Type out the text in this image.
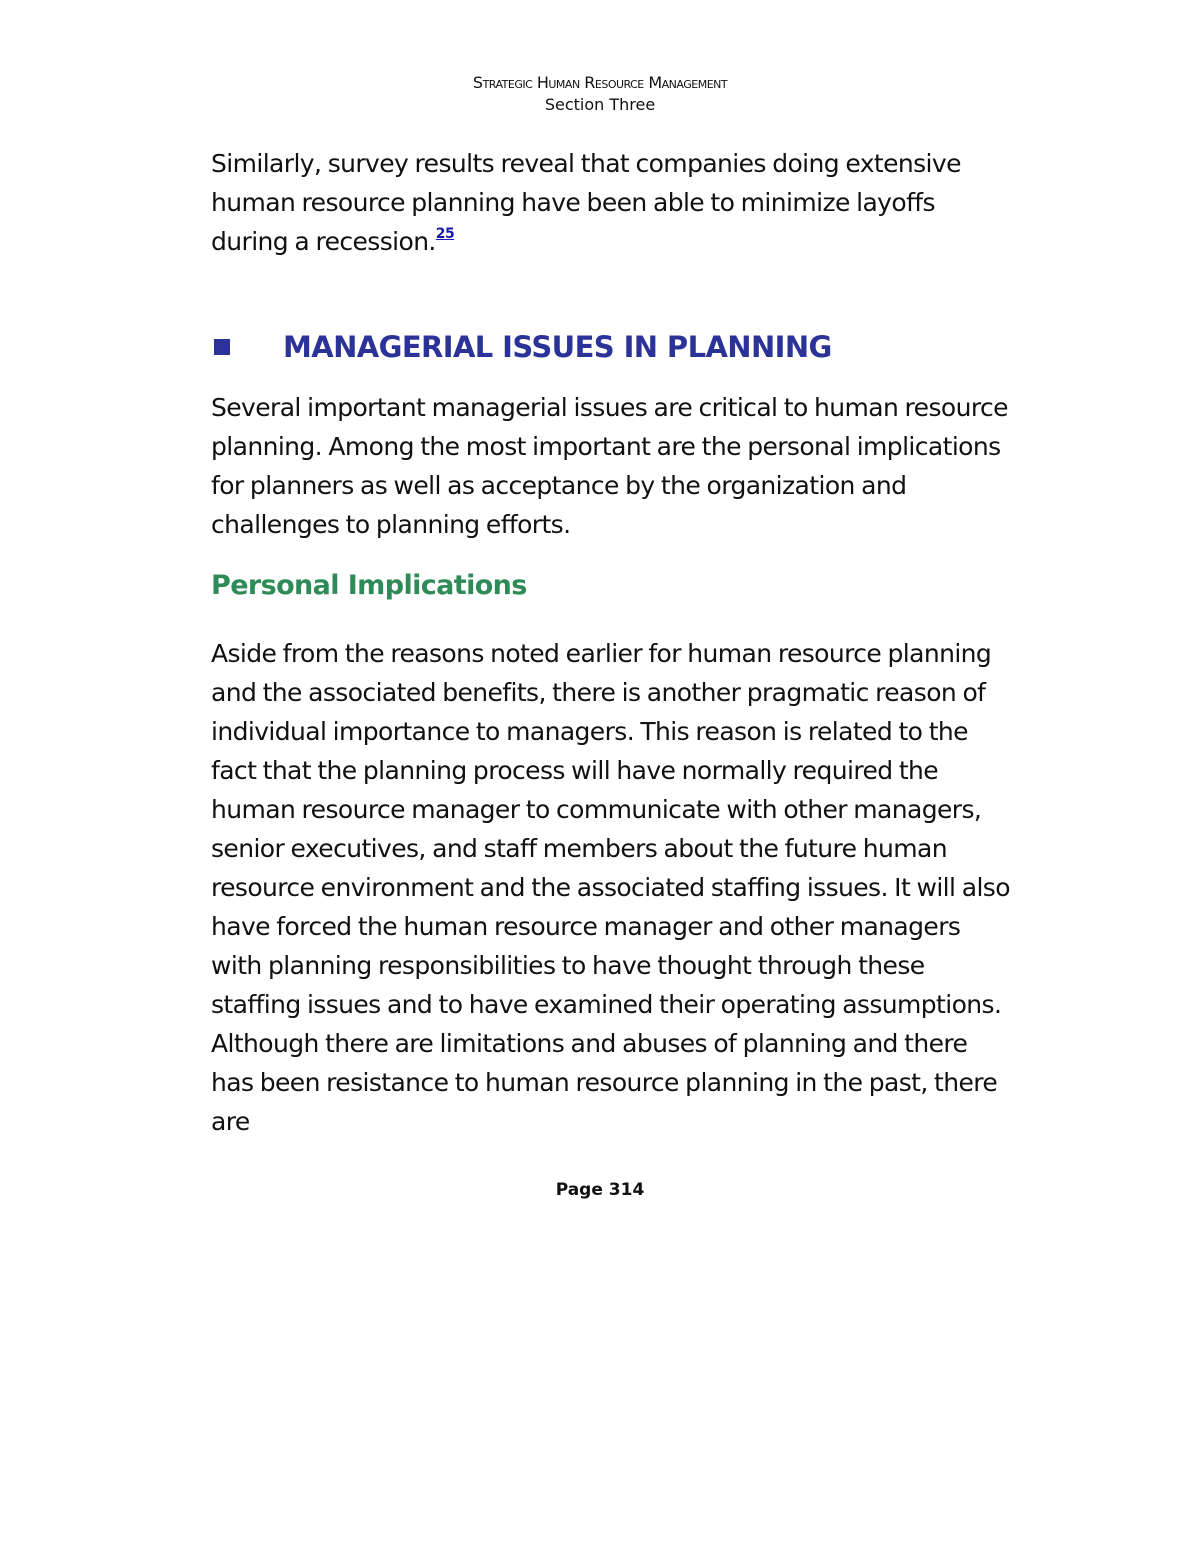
Strategic Human Resource Management
Section Three

Similarly, survey results reveal that companies doing extensive human resource planning have been able to minimize layoffs during a recession.$^{25}$

MANAGERIAL ISSUES IN PLANNING

Several important managerial issues are critical to human resource planning. Among the most important are the personal implications for planners as well as acceptance by the organization and challenges to planning efforts.

Personal Implications

Aside from the reasons noted earlier for human resource planning and the associated benefits, there is another pragmatic reason of individual importance to managers. This reason is related to the fact that the planning process will have normally required the human resource manager to communicate with other managers, senior executives, and staff members about the future human resource environment and the associated staffing issues. It will also have forced the human resource manager and other managers with planning responsibilities to have thought through these staffing issues and to have examined their operating assumptions. Although there are limitations and abuses of planning and there has been resistance to human resource planning in the past, there are

Page 314
